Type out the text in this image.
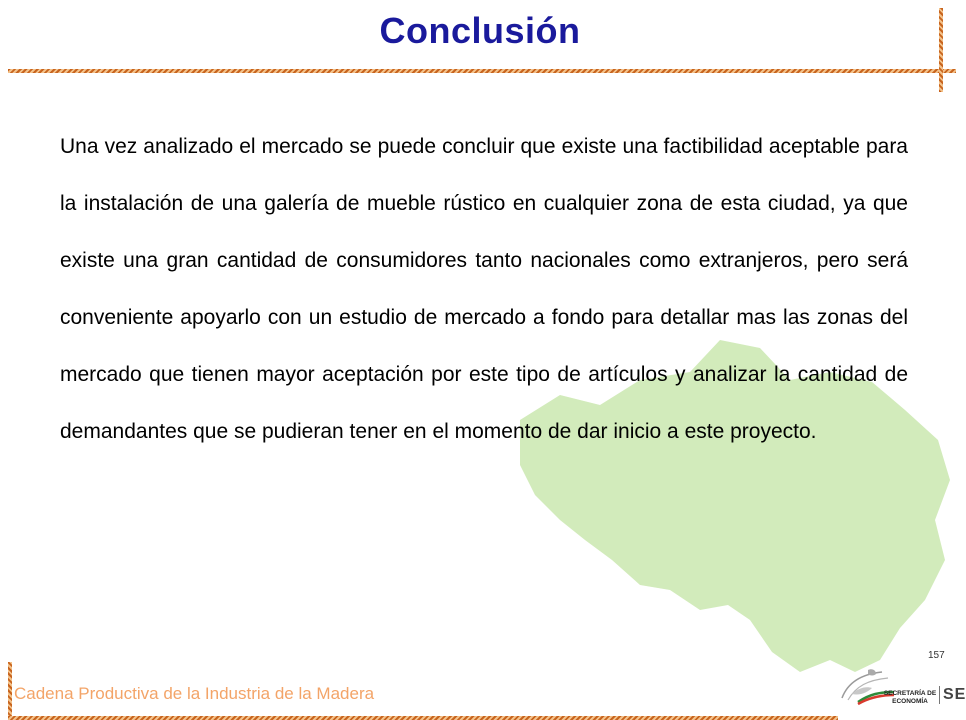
Conclusión

Una vez analizado el mercado se puede concluir que existe una factibilidad aceptable para la instalación de una galería de mueble rústico en cualquier zona de esta ciudad, ya que existe una gran cantidad de consumidores tanto nacionales como extranjeros, pero será conveniente apoyarlo con un estudio de mercado a fondo para detallar mas las zonas del mercado que tienen mayor aceptación por este tipo de artículos y analizar la cantidad de demandantes que se pudieran tener en el momento de dar inicio a este proyecto.

157
Cadena Productiva de la Industria de la Madera	SECRETARÍA DE
ECONOMÍA SE
